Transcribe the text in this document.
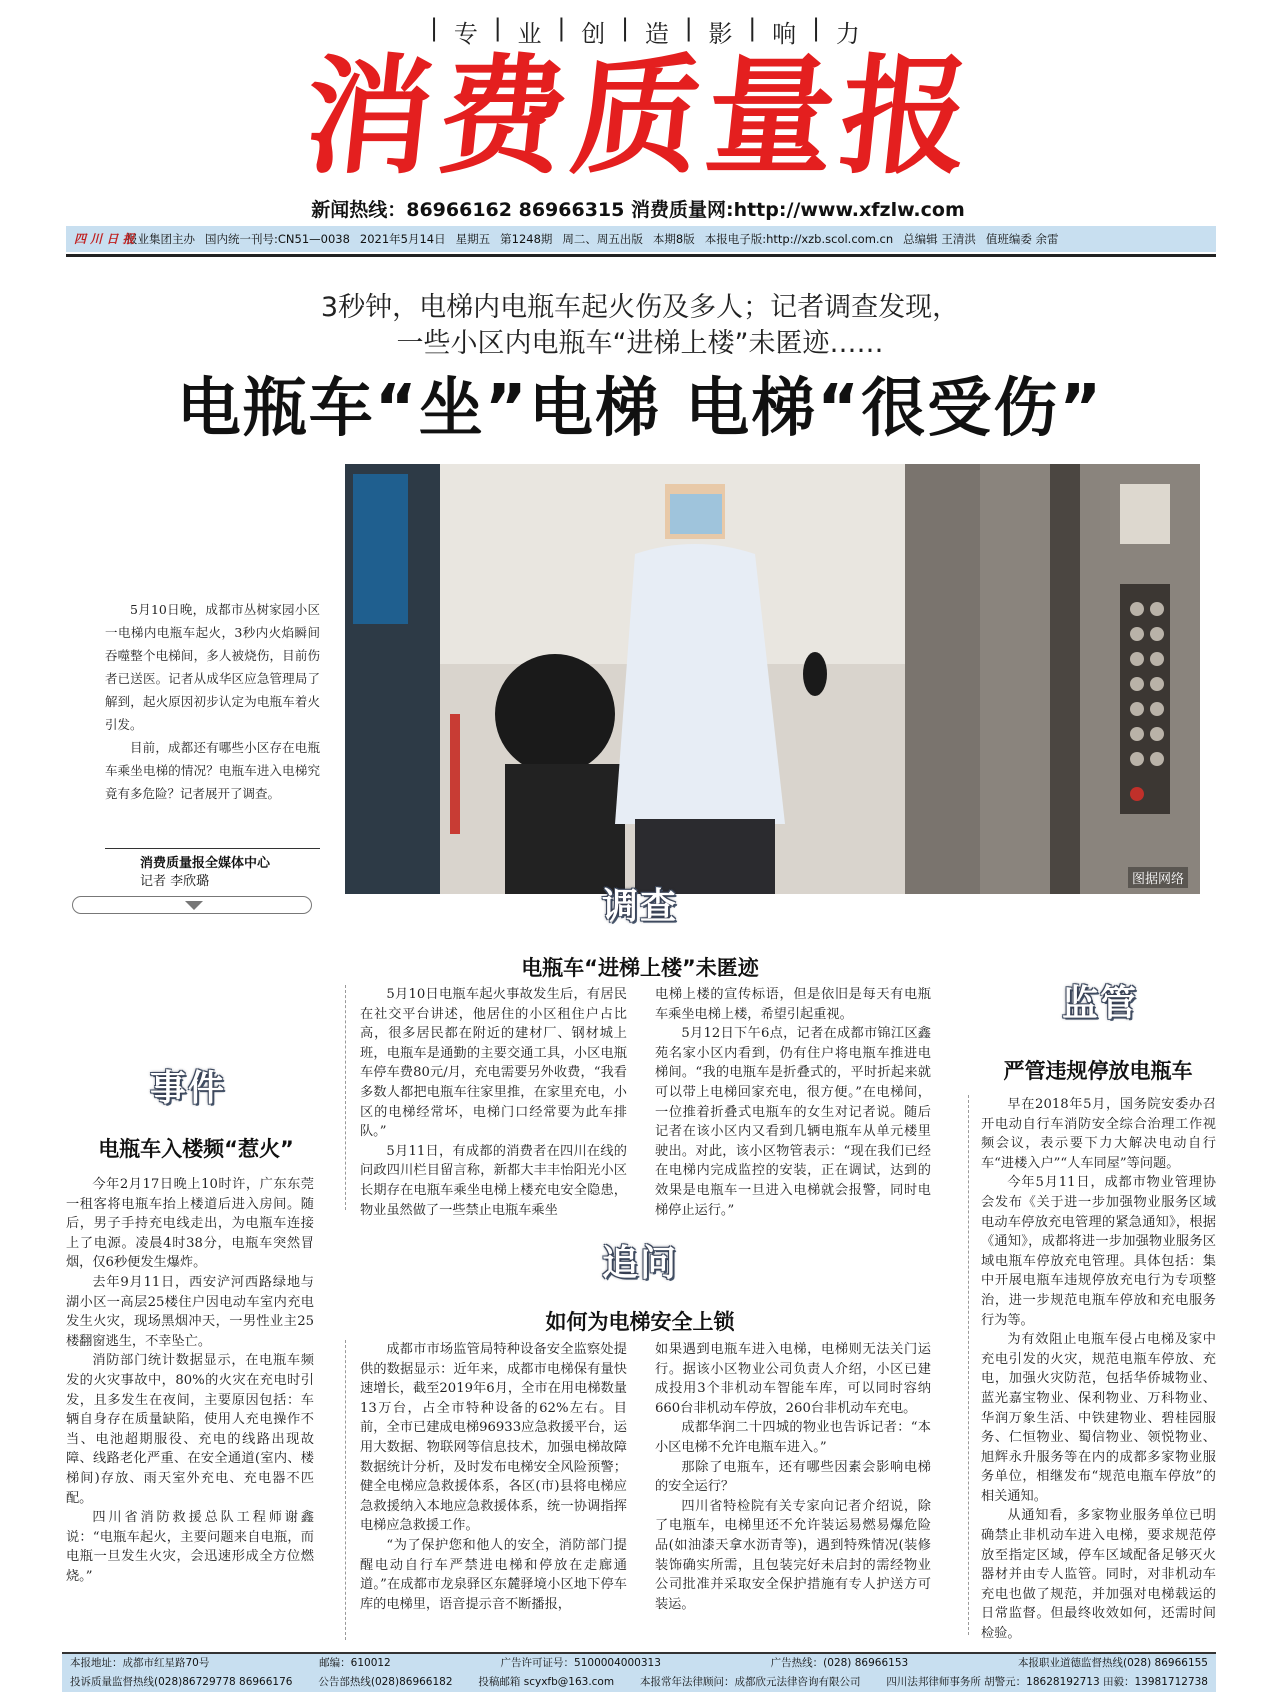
| 专 | 业 | 创 | 造 | 影 | 响 | 力
消费质量报
新闻热线：86966162 86966315 消费质量网:http://www.xfzlw.com
四 川 日 报
报业集团主办 国内统一刊号:CN51—0038 2021年5月14日 星期五 第1248期 周二、周五出版 本期8版 本报电子版:http://xzb.scol.com.cn 总编辑 王清洪 值班编委 余雷
3秒钟，电梯内电瓶车起火伤及多人；记者调查发现，
一些小区内电瓶车“进梯上楼”未匿迹……
电瓶车“坐”电梯 电梯“很受伤”
图据网络

5月10日晚，成都市丛树家园小区一电梯内电瓶车起火，3秒内火焰瞬间吞噬整个电梯间，多人被烧伤，目前伤者已送医。记者从成华区应急管理局了解到，起火原因初步认定为电瓶车着火引发。

目前，成都还有哪些小区存在电瓶车乘坐电梯的情况？电瓶车进入电梯究竟有多危险？记者展开了调查。

消费质量报全媒体中心
记者 李欣璐
调查
电瓶车“进梯上楼”未匿迹

5月10日电瓶车起火事故发生后，有居民在社交平台讲述，他居住的小区租住户占比高，很多居民都在附近的建材厂、钢材城上班，电瓶车是通勤的主要交通工具，小区电瓶车停车费80元/月，充电需要另外收费，“我看多数人都把电瓶车往家里推，在家里充电，小区的电梯经常坏，电梯门口经常要为此车排队。”

5月11日，有成都的消费者在四川在线的问政四川栏目留言称，新都大丰丰怡阳光小区长期存在电瓶车乘坐电梯上楼充电安全隐患，物业虽然做了一些禁止电瓶车乘坐

电梯上楼的宣传标语，但是依旧是每天有电瓶车乘坐电梯上楼，希望引起重视。

5月12日下午6点，记者在成都市锦江区鑫苑名家小区内看到，仍有住户将电瓶车推进电梯间。“我的电瓶车是折叠式的，平时折起来就可以带上电梯回家充电，很方便。”在电梯间，一位推着折叠式电瓶车的女生对记者说。随后记者在该小区内又看到几辆电瓶车从单元楼里驶出。对此，该小区物管表示：“现在我们已经在电梯内完成监控的安装，正在调试，达到的效果是电瓶车一旦进入电梯就会报警，同时电梯停止运行。”

追问
如何为电梯安全上锁

成都市市场监管局特种设备安全监察处提供的数据显示：近年来，成都市电梯保有量快速增长，截至2019年6月，全市在用电梯数量13万台，占全市特种设备的62%左右。目前，全市已建成电梯96933应急救援平台，运用大数据、物联网等信息技术，加强电梯故障数据统计分析，及时发布电梯安全风险预警；健全电梯应急救援体系，各区(市)县将电梯应急救援纳入本地应急救援体系，统一协调指挥电梯应急救援工作。

“为了保护您和他人的安全，消防部门提醒电动自行车严禁进电梯和停放在走廊通道。”在成都市龙泉驿区东麓驿境小区地下停车库的电梯里，语音提示音不断播报，

如果遇到电瓶车进入电梯，电梯则无法关门运行。据该小区物业公司负责人介绍，小区已建成投用3个非机动车智能车库，可以同时容纳660台非机动车停放，260台非机动车充电。

成都华润二十四城的物业也告诉记者：“本小区电梯不允许电瓶车进入。”

那除了电瓶车，还有哪些因素会影响电梯的安全运行？

四川省特检院有关专家向记者介绍说，除了电瓶车，电梯里还不允许装运易燃易爆危险品(如油漆天拿水沥青等)，遇到特殊情况(装修装饰确实所需，且包装完好未启封的需经物业公司批准并采取安全保护措施有专人护送方可装运。

事件
电瓶车入楼频“惹火”

今年2月17日晚上10时许，广东东莞一租客将电瓶车抬上楼道后进入房间。随后，男子手持充电线走出，为电瓶车连接上了电源。凌晨4时38分，电瓶车突然冒烟，仅6秒便发生爆炸。

去年9月11日，西安浐河西路绿地与湖小区一高层25楼住户因电动车室内充电发生火灾，现场黑烟冲天，一男性业主25楼翻窗逃生，不幸坠亡。

消防部门统计数据显示，在电瓶车频发的火灾事故中，80%的火灾在充电时引发，且多发生在夜间，主要原因包括：车辆自身存在质量缺陷，使用人充电操作不当、电池超期服役、充电的线路出现故障、线路老化严重、在安全通道(室内、楼梯间)存放、雨天室外充电、充电器不匹配。

四川省消防救援总队工程师谢鑫说：“电瓶车起火，主要问题来自电瓶，而电瓶一旦发生火灾，会迅速形成全方位燃烧。”

监管
严管违规停放电瓶车

早在2018年5月，国务院安委办召开电动自行车消防安全综合治理工作视频会议，表示要下力大解决电动自行车“进楼入户”“人车同屋”等问题。

今年5月11日，成都市物业管理协会发布《关于进一步加强物业服务区域电动车停放充电管理的紧急通知》，根据《通知》，成都将进一步加强物业服务区域电瓶车停放充电管理。具体包括：集中开展电瓶车违规停放充电行为专项整治，进一步规范电瓶车停放和充电服务行为等。

为有效阻止电瓶车侵占电梯及家中充电引发的火灾，规范电瓶车停放、充电，加强火灾防范，包括华侨城物业、蓝光嘉宝物业、保利物业、万科物业、华润万象生活、中铁建物业、碧桂园服务、仁恒物业、蜀信物业、领悦物业、旭辉永升服务等在内的成都多家物业服务单位，相继发布“规范电瓶车停放”的相关通知。

从通知看，多家物业服务单位已明确禁止非机动车进入电梯，要求规范停放至指定区域，停车区域配备足够灭火器材并由专人监管。同时，对非机动车充电也做了规范，并加强对电梯载运的日常监督。但最终收效如何，还需时间检验。

本报地址：成都市红星路70号	邮编：610012	广告许可证号：5100004000313	广告热线：(028) 86966153	本报职业道德监督热线(028) 86966155
投诉质量监督热线(028)86729778 86966176 公告部热线(028)86966182 投稿邮箱 scyxfb@163.com 本报常年法律顾问：成都欣元法律咨询有限公司 四川法邦律师事务所 胡警元：18628192713 田毅：13981712738
